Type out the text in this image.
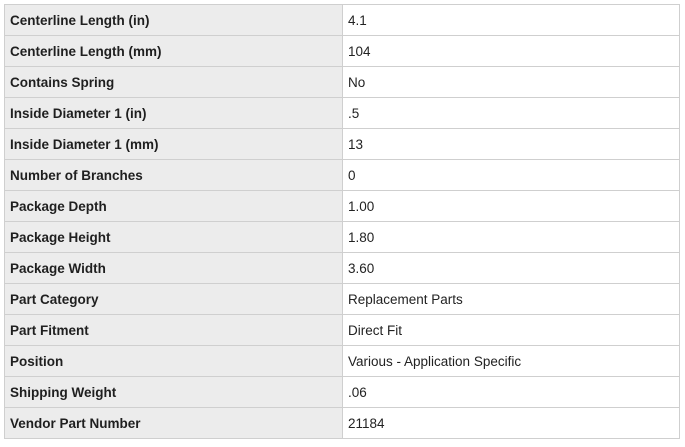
Centerline Length (in)	4.1
Centerline Length (mm)	104
Contains Spring	No
Inside Diameter 1 (in)	.5
Inside Diameter 1 (mm)	13
Number of Branches	0
Package Depth	1.00
Package Height	1.80
Package Width	3.60
Part Category	Replacement Parts
Part Fitment	Direct Fit
Position	Various - Application Specific
Shipping Weight	.06
Vendor Part Number	21184
